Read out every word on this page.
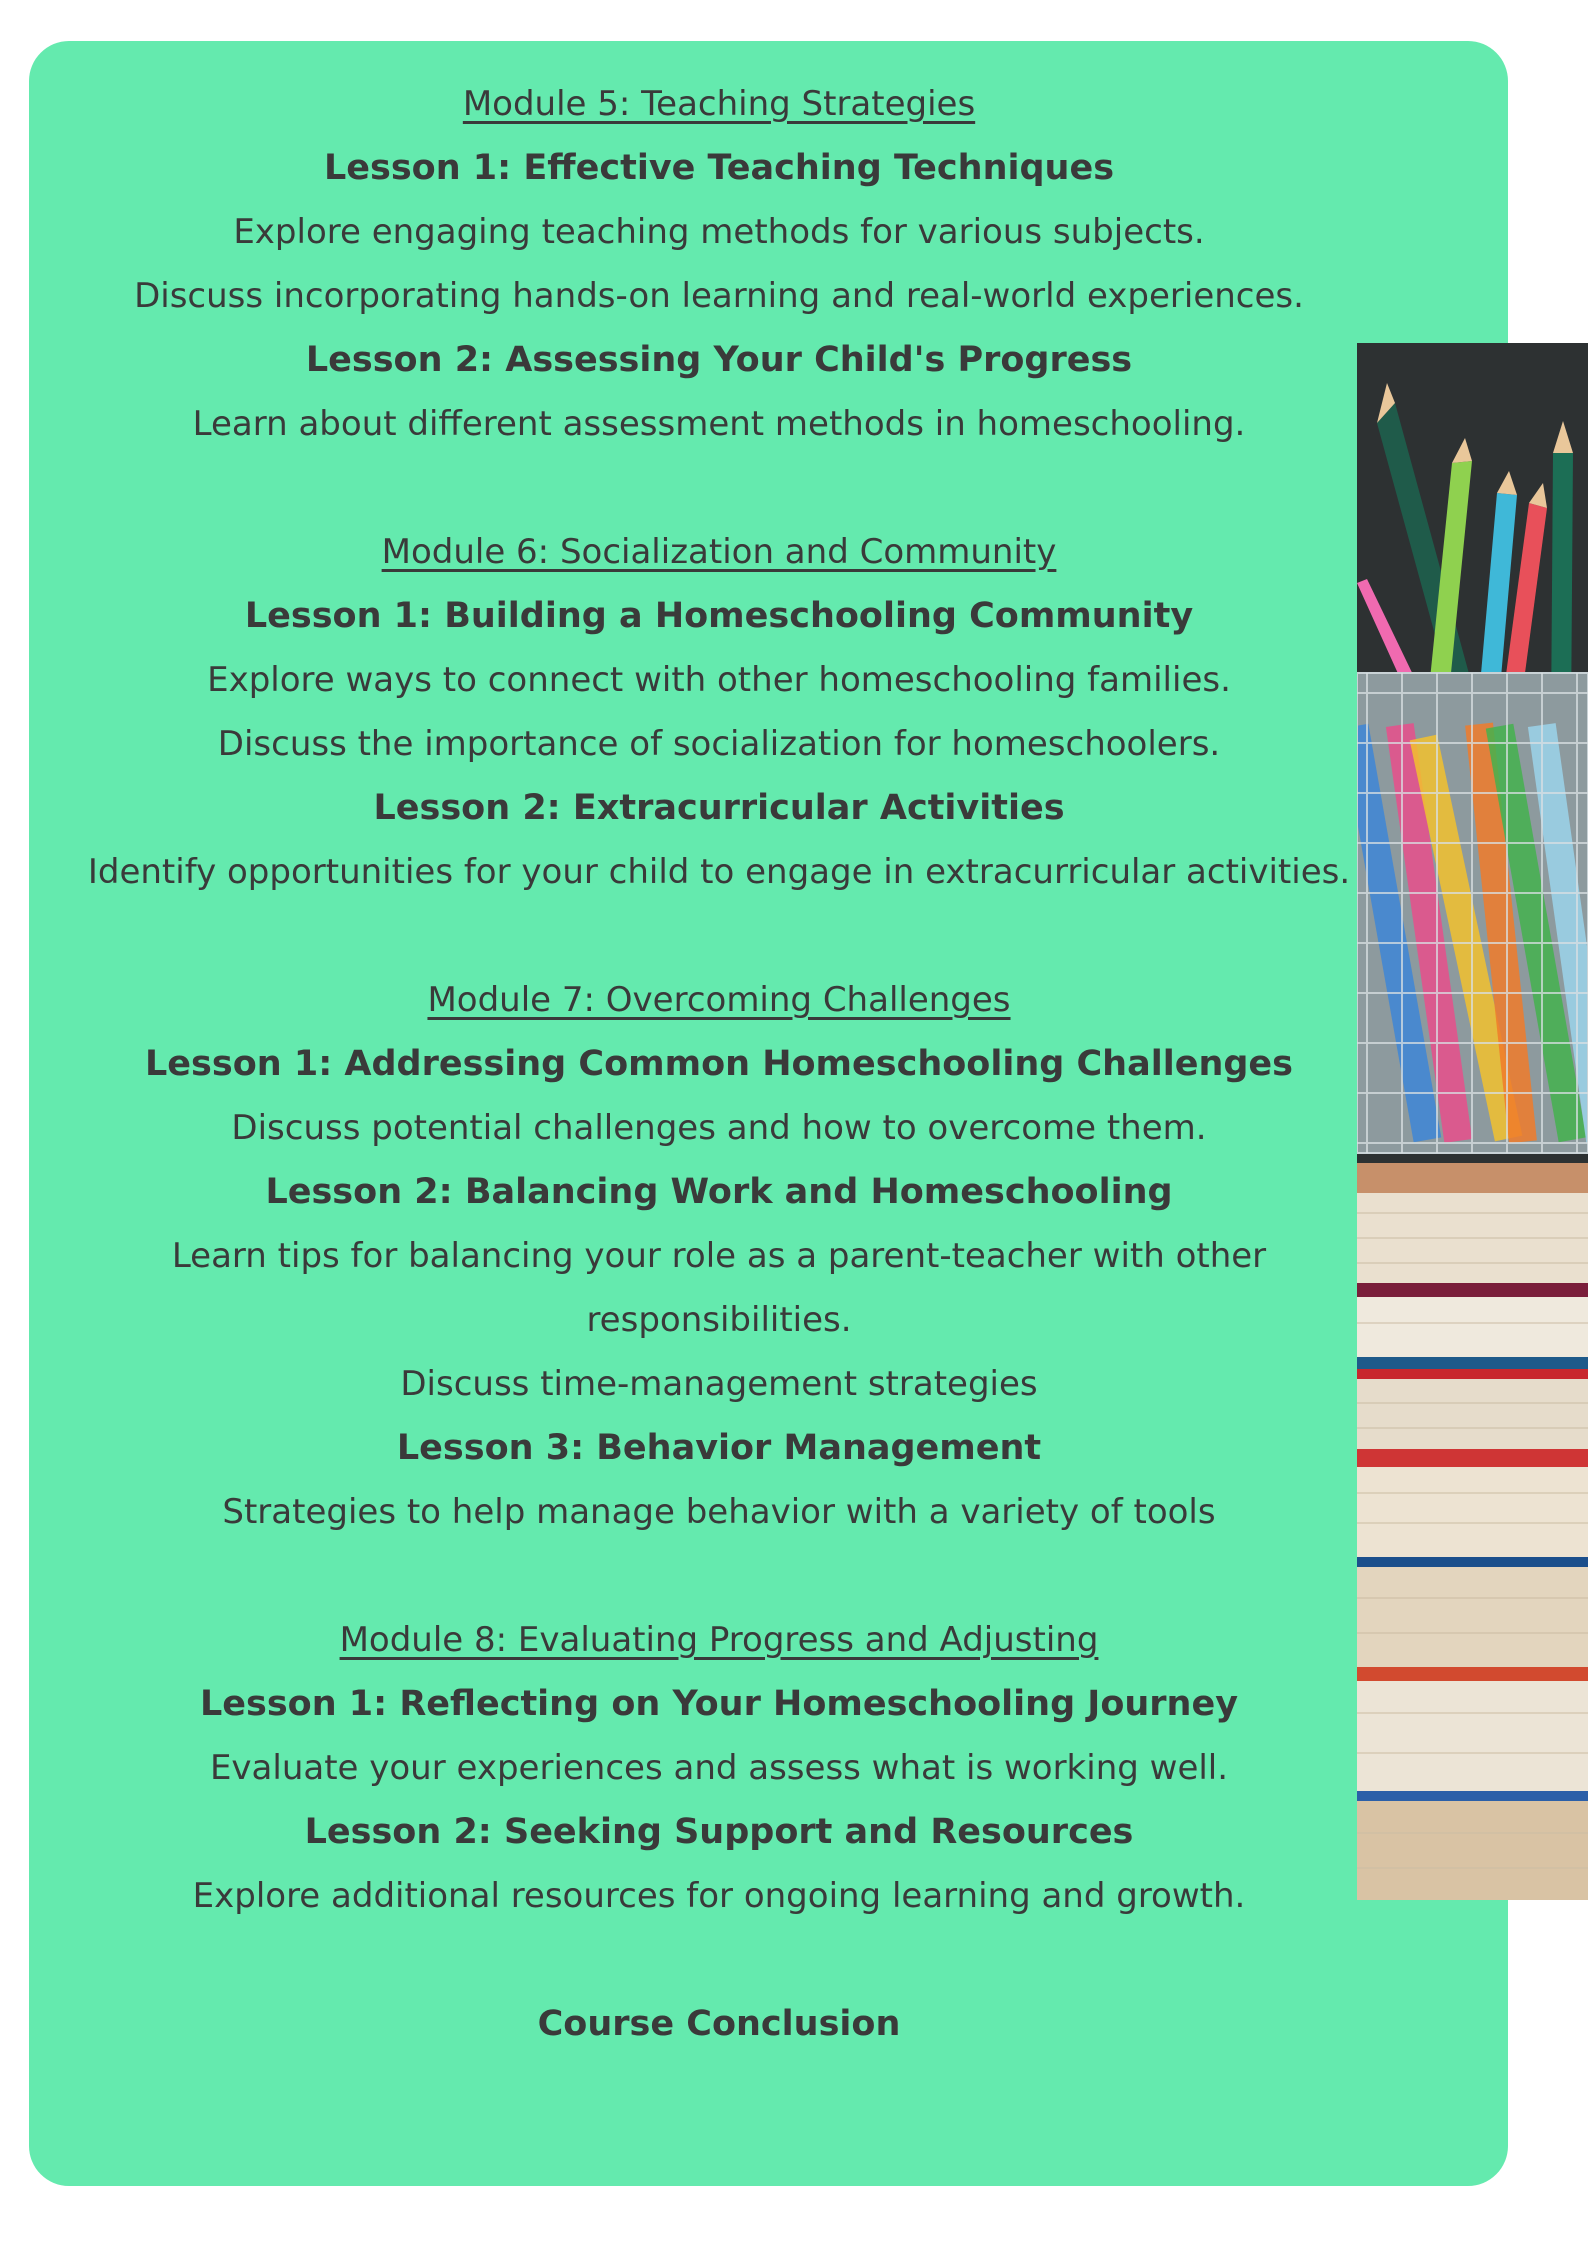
Module 5: Teaching Strategies
Lesson 1: Effective Teaching Techniques
Explore engaging teaching methods for various subjects.
Discuss incorporating hands-on learning and real-world experiences.
Lesson 2: Assessing Your Child's Progress
Learn about different assessment methods in homeschooling.
Module 6: Socialization and Community
Lesson 1: Building a Homeschooling Community
Explore ways to connect with other homeschooling families.
Discuss the importance of socialization for homeschoolers.
Lesson 2: Extracurricular Activities
Identify opportunities for your child to engage in extracurricular activities.
Module 7: Overcoming Challenges
Lesson 1: Addressing Common Homeschooling Challenges
Discuss potential challenges and how to overcome them.
Lesson 2: Balancing Work and Homeschooling
Learn tips for balancing your role as a parent-teacher with other
responsibilities.
Discuss time-management strategies
Lesson 3: Behavior Management
Strategies to help manage behavior with a variety of tools
Module 8: Evaluating Progress and Adjusting
Lesson 1: Reflecting on Your Homeschooling Journey
Evaluate your experiences and assess what is working well.
Lesson 2: Seeking Support and Resources
Explore additional resources for ongoing learning and growth.
Course Conclusion
